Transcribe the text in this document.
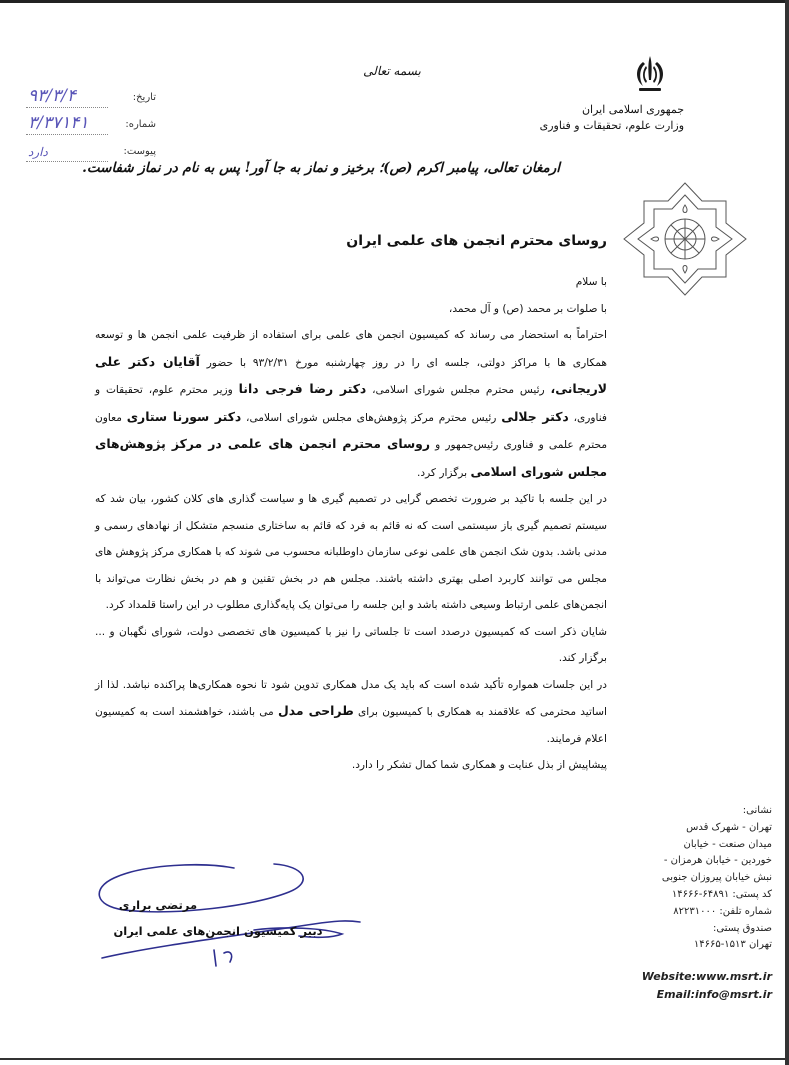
جمهوری اسلامی ایران
وزارت علوم، تحقیقات و فناوری
بسمه تعالی
تاریخ:
۹۳/۳/۴
شماره:
۳/۳۷۱۴۱
پیوست:
دارد
ارمغان تعالی، پیامبر اکرم (ص)؛ برخیز و نماز به جا آور! پس به‌ نام در نماز شفاست.

روسای محترم انجمن های علمی ایران

با سلام

با صلوات بر محمد (ص) و آل محمد،

احتراماً به استحضار می رساند که کمیسیون انجمن های علمی برای استفاده از ظرفیت علمی انجمن ها و توسعه همکاری ها با مراکز دولتی، جلسه ای را در روز چهارشنبه مورخ ۹۳/۲/۳۱ با حضور آقایان دکتر علی لاریجانی، رئیس محترم مجلس شورای اسلامی، دکتر رضا فرجی دانا وزیر محترم علوم، تحقیقات و فناوری، دکتر جلالی رئیس محترم مرکز پژوهش‌های مجلس شورای اسلامی، دکتر سورنا ستاری معاون محترم علمی و فناوری رئیس‌جمهور و روسای محترم انجمن های علمی در مرکز پژوهش‌های مجلس شورای اسلامی برگزار کرد.

در این جلسه با تاکید بر ضرورت تخصص گرایی در تصمیم گیری ها و سیاست گذاری های کلان کشور، بیان شد که سیستم تصمیم گیری باز سیستمی است که نه قائم به فرد که قائم به ساختاری منسجم متشکل از نهادهای رسمی و مدنی باشد. بدون شک انجمن های علمی نوعی سازمان داوطلبانه محسوب می شوند که با همکاری مرکز پژوهش های مجلس می توانند کاربرد اصلی بهتری داشته باشند. مجلس هم در بخش تقنین و هم در بخش نظارت می‌تواند با انجمن‌های علمی ارتباط وسیعی داشته باشد و این جلسه را می‌توان یک پایه‌گذاری مطلوب در این راستا قلمداد کرد.

شایان ذکر است که کمیسیون درصدد است تا جلساتی را نیز با کمیسیون های تخصصی دولت، شورای نگهبان و ... برگزار کند.

در این جلسات همواره تأکید شده است که باید یک مدل همکاری تدوین شود تا نحوه همکاری‌ها پراکنده نباشد. لذا از اساتید محترمی که علاقمند به همکاری با کمیسیون برای طراحی مدل می باشند، خواهشمند است به کمیسیون اعلام فرمایند.

پیشاپیش از بذل عنایت و همکاری شما کمال تشکر را دارد.

مرتضی براری
دبیر کمیسیون انجمن‌های علمی ایران
نشانی:
تهران - شهرک قدس
میدان صنعت - خیابان
خوردین - خیابان هرمزان -
نبش خیابان پیروزان جنوبی
کد پستی: ۶۴۸۹۱-۱۴۶۶۶
شماره تلفن: ۸۲۲۳۱۰۰۰
صندوق پستی:
تهران ۱۵۱۳-۱۴۶۶۵
Website:www.msrt.ir
Email:info@msrt.ir
